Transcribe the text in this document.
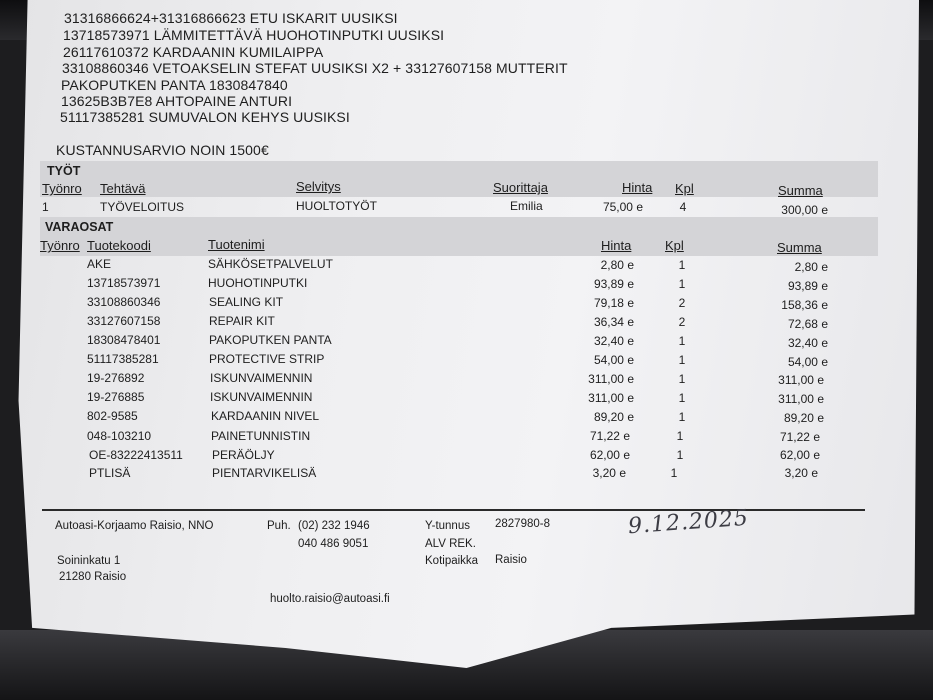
31316866624+31316866623 ETU ISKARIT UUSIKSI
13718573971 LÄMMITETTÄVÄ HUOHOTINPUTKI UUSIKSI
26117610372 KARDAANIN KUMILAIPPA
33108860346 VETOAKSELIN STEFAT UUSIKSI X2 + 33127607158 MUTTERIT
PAKOPUTKEN PANTA 1830847840
13625B3B7E8 AHTOPAINE ANTURI
51117385281 SUMUVALON KEHYS UUSIKSI
KUSTANNUSARVIO NOIN 1500€
TYÖT
Työnro Tehtävä	Selvitys	Suorittaja	Hinta Kpl	Summa
1	TYÖVELOITUS	HUOLTOTYÖT	Emilia	75,00 e	4	300,00 e
VARAOSAT
Työnro Tuotekoodi	Tuotenimi	Hinta	Kpl	Summa
AKE	SÄHKÖSETPALVELUT	2,80 e	1	2,80 e
13718573971	HUOHOTINPUTKI	93,89 e	1	93,89 e
33108860346	SEALING KIT	79,18 e	2	158,36 e
33127607158	REPAIR KIT	36,34 e	2	72,68 e
18308478401	PAKOPUTKEN PANTA	32,40 e	1	32,40 e
51117385281	PROTECTIVE STRIP	54,00 e	1	54,00 e
19-276892	ISKUNVAIMENNIN	311,00 e	1	311,00 e
19-276885	ISKUNVAIMENNIN	311,00 e	1	311,00 e
802-9585	KARDAANIN NIVEL	89,20 e	1	89,20 e
048-103210	PAINETUNNISTIN	71,22 e	1	71,22 e
OE-83222413511 PERÄÖLJY	62,00 e	1	62,00 e
PTLISÄ	PIENTARVIKELISÄ	3,20 e	1	3,20 e
Autoasi-Korjaamo Raisio, NNO
Soininkatu 1
21280 Raisio
Puh. (02) 232 1946
040 486 9051
Y-tunnus 2827980-8
ALV REK.
Kotipaikka Raisio
huolto.raisio@autoasi.fi
9.12.2025
